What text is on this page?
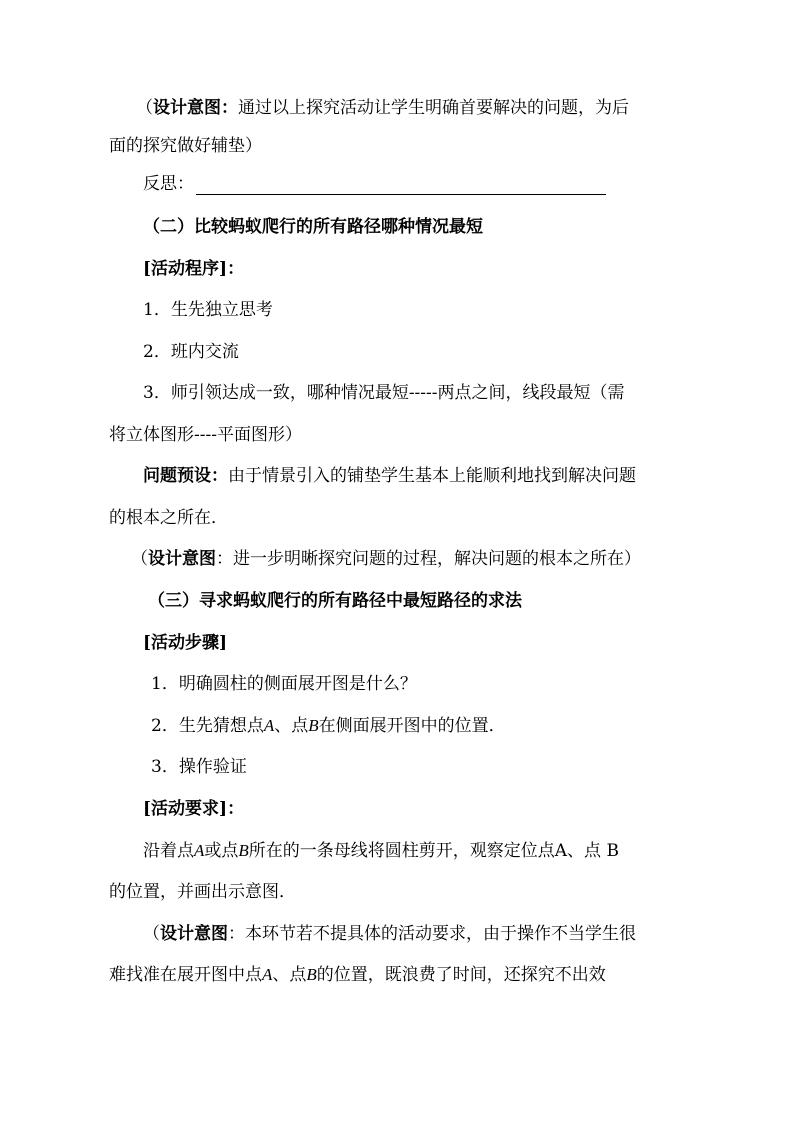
（设计意图：通过以上探究活动让学生明确首要解决的问题，为后
面的探究做好辅垫）
反思：
（二）比较蚂蚁爬行的所有路径哪种情况最短
[活动程序]：
1．生先独立思考
2．班内交流
3．师引领达成一致，哪种情况最短-----两点之间，线段最短（需
将立体图形----平面图形）
问题预设：由于情景引入的铺垫学生基本上能顺利地找到解决问题
的根本之所在．
（设计意图：进一步明晰探究问题的过程，解决问题的根本之所在）
（三）寻求蚂蚁爬行的所有路径中最短路径的求法
[活动步骤]
1．明确圆柱的侧面展开图是什么？
2．生先猜想点A、点B在侧面展开图中的位置．
3．操作验证
[活动要求]：
沿着点A或点B所在的一条母线将圆柱剪开，观察定位点A、点 B
的位置，并画出示意图．
（设计意图：本环节若不提具体的活动要求，由于操作不当学生很
难找准在展开图中点A、点B的位置，既浪费了时间，还探究不出效
